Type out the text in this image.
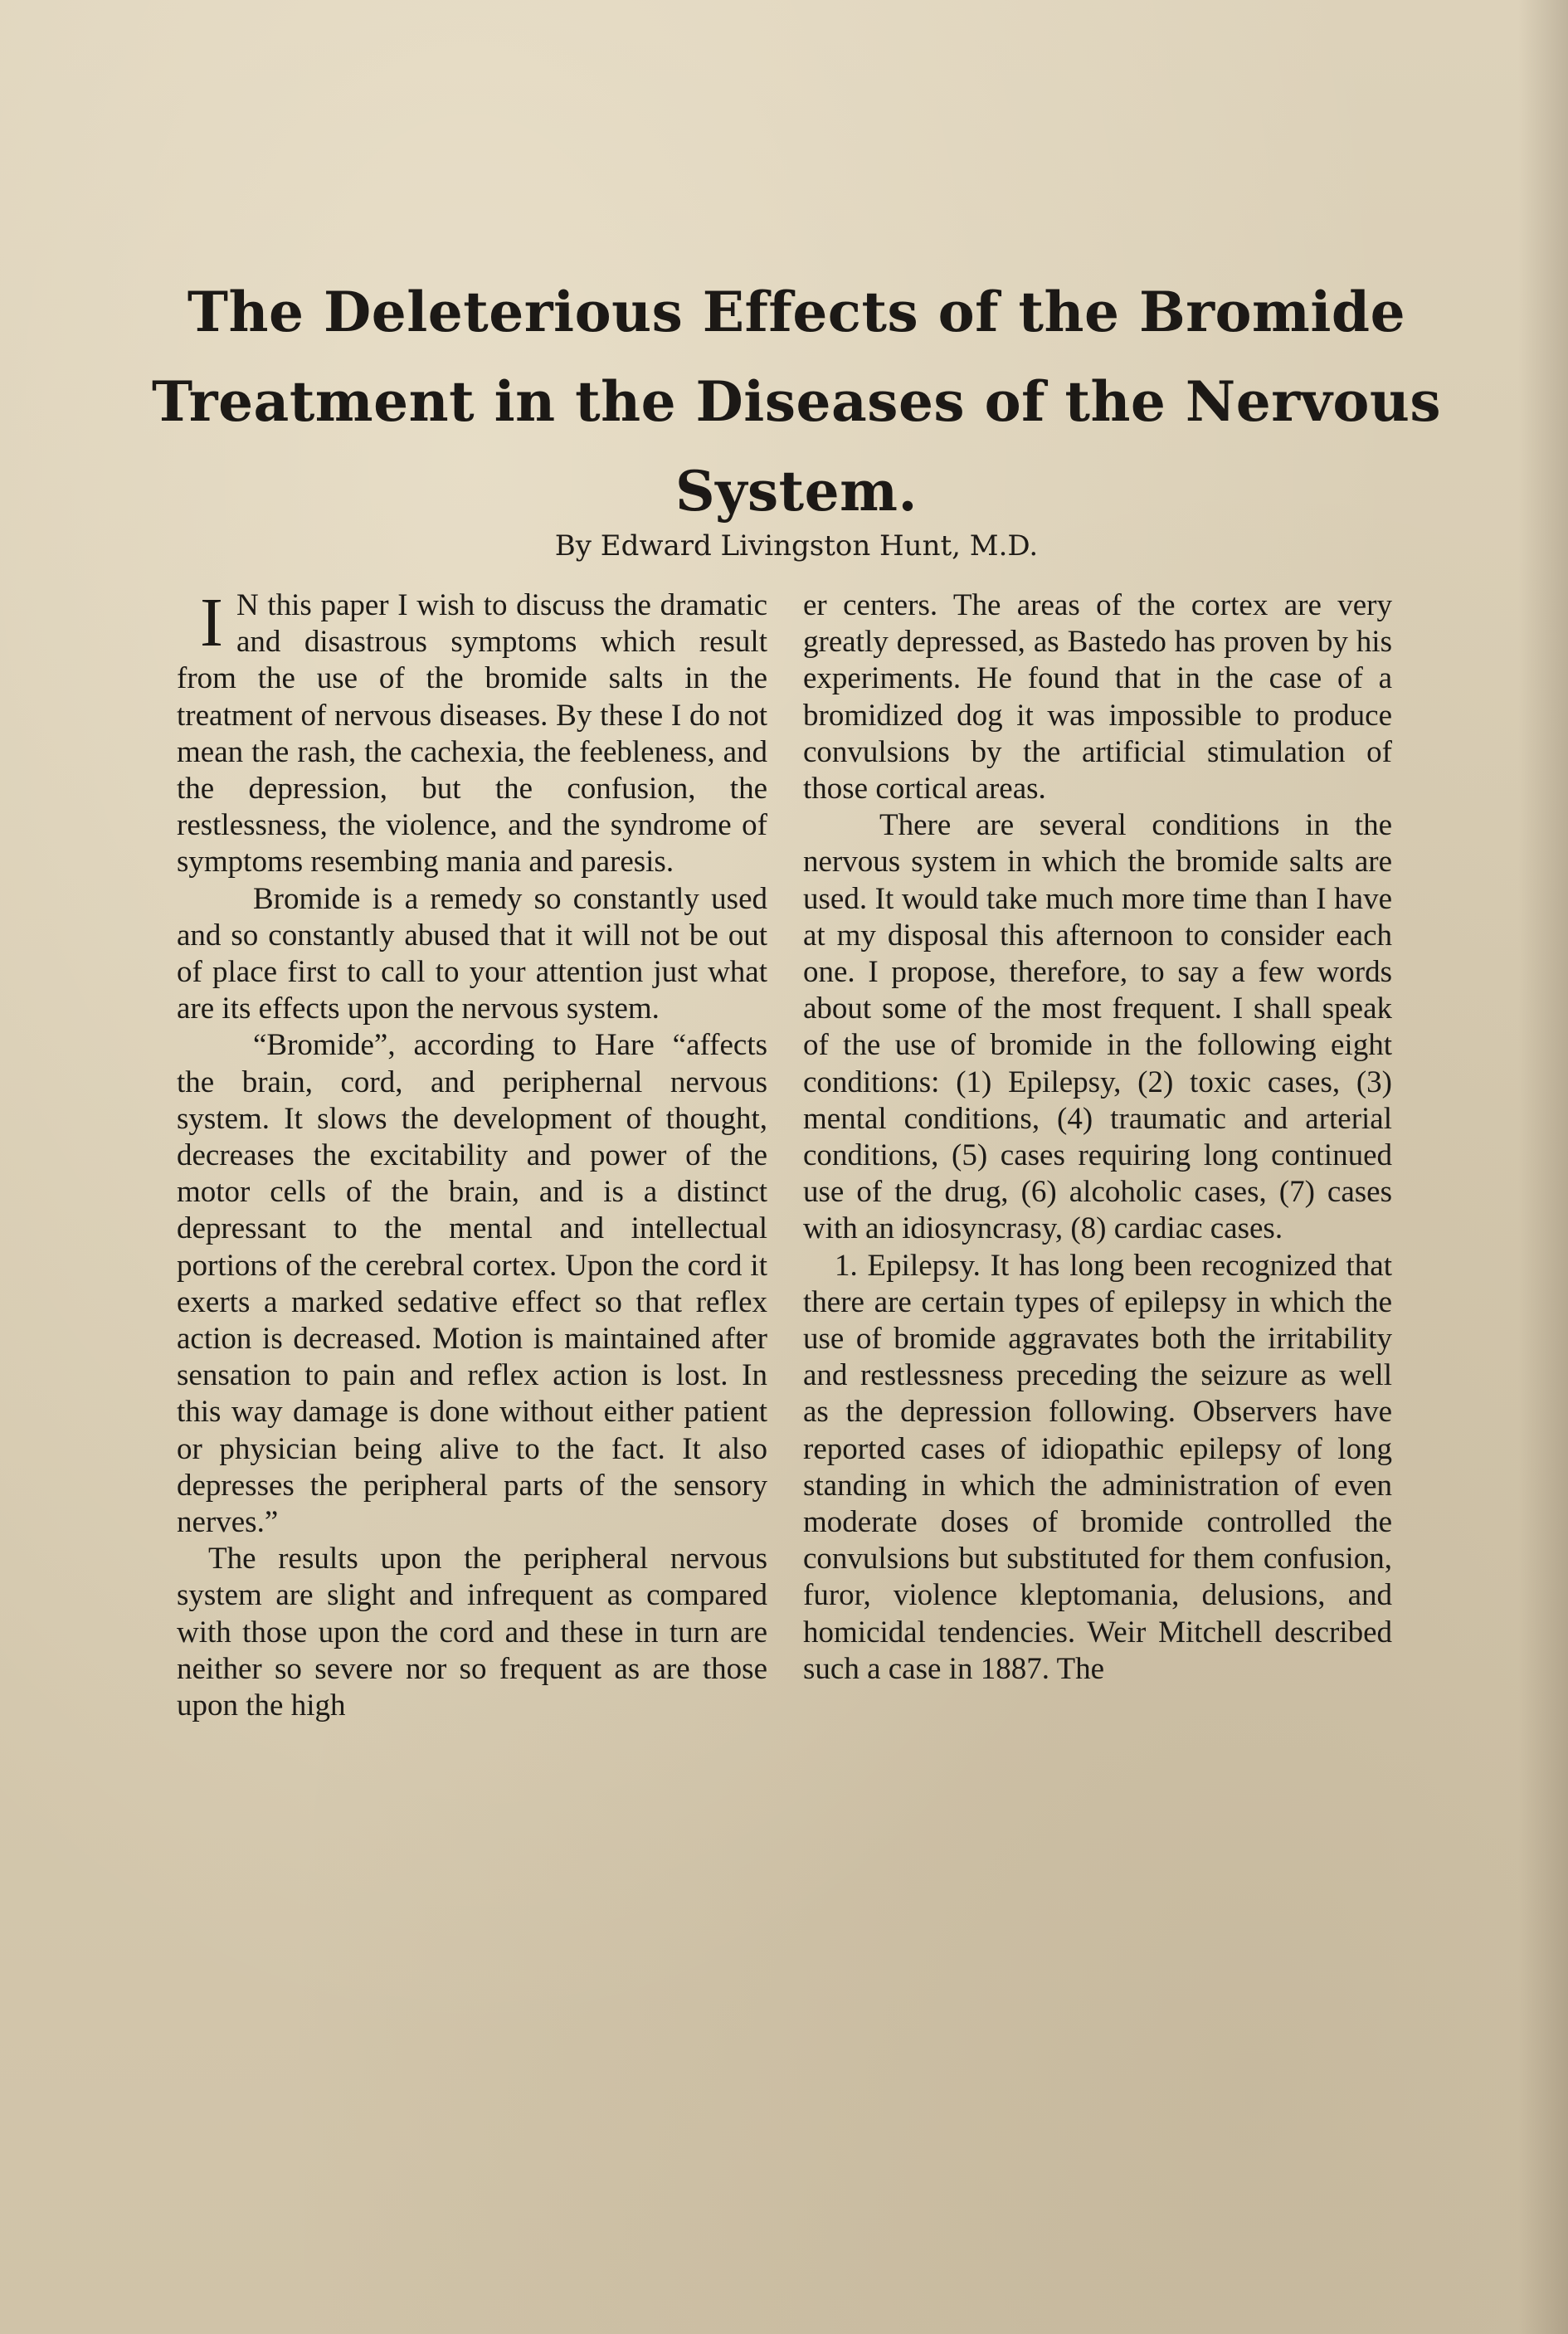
The Deleterious Effects of the Bromide Treatment in the Diseases of the Nervous System.
By Edward Livingston Hunt, M.D.

I N this paper I wish to discuss the dramatic and disastrous symptoms which result from the use of the bromide salts in the treatment of nervous diseases. By these I do not mean the rash, the cachexia, the feebleness, and the depression, but the confusion, the restlessness, the violence, and the syndrome of symptoms resembing mania and paresis.

Bromide is a remedy so constantly used and so constantly abused that it will not be out of place first to call to your attention just what are its effects upon the nervous system.

“Bromide”, according to Hare “affects the brain, cord, and periphernal nervous system. It slows the development of thought, decreases the excitability and power of the motor cells of the brain, and is a distinct depressant to the mental and intellectual portions of the cerebral cortex. Upon the cord it exerts a marked sedative effect so that reflex action is decreased. Motion is maintained after sensation to pain and reflex action is lost. In this way damage is done without either patient or physician being alive to the fact. It also depresses the peripheral parts of the sensory nerves.”

The results upon the peripheral nervous system are slight and infrequent as compared with those upon the cord and these in turn are neither so severe nor so frequent as are those upon the high

er centers. The areas of the cortex are very greatly depressed, as Bastedo has proven by his experiments. He found that in the case of a bromidized dog it was impossible to produce convulsions by the artificial stimulation of those cortical areas.

There are several conditions in the nervous system in which the bromide salts are used. It would take much more time than I have at my disposal this afternoon to consider each one. I propose, therefore, to say a few words about some of the most frequent. I shall speak of the use of bromide in the following eight conditions: (1) Epilepsy, (2) toxic cases, (3) mental conditions, (4) traumatic and arterial conditions, (5) cases requiring long continued use of the drug, (6) alcoholic cases, (7) cases with an idiosyncrasy, (8) cardiac cases.

1. Epilepsy. It has long been recognized that there are certain types of epilepsy in which the use of bromide aggravates both the irritability and restlessness preceding the seizure as well as the depression following. Observers have reported cases of idiopathic epilepsy of long standing in which the administration of even moderate doses of bromide controlled the convulsions but substituted for them confusion, furor, violence kleptomania, delusions, and homicidal tendencies. Weir Mitchell described such a case in 1887. The
